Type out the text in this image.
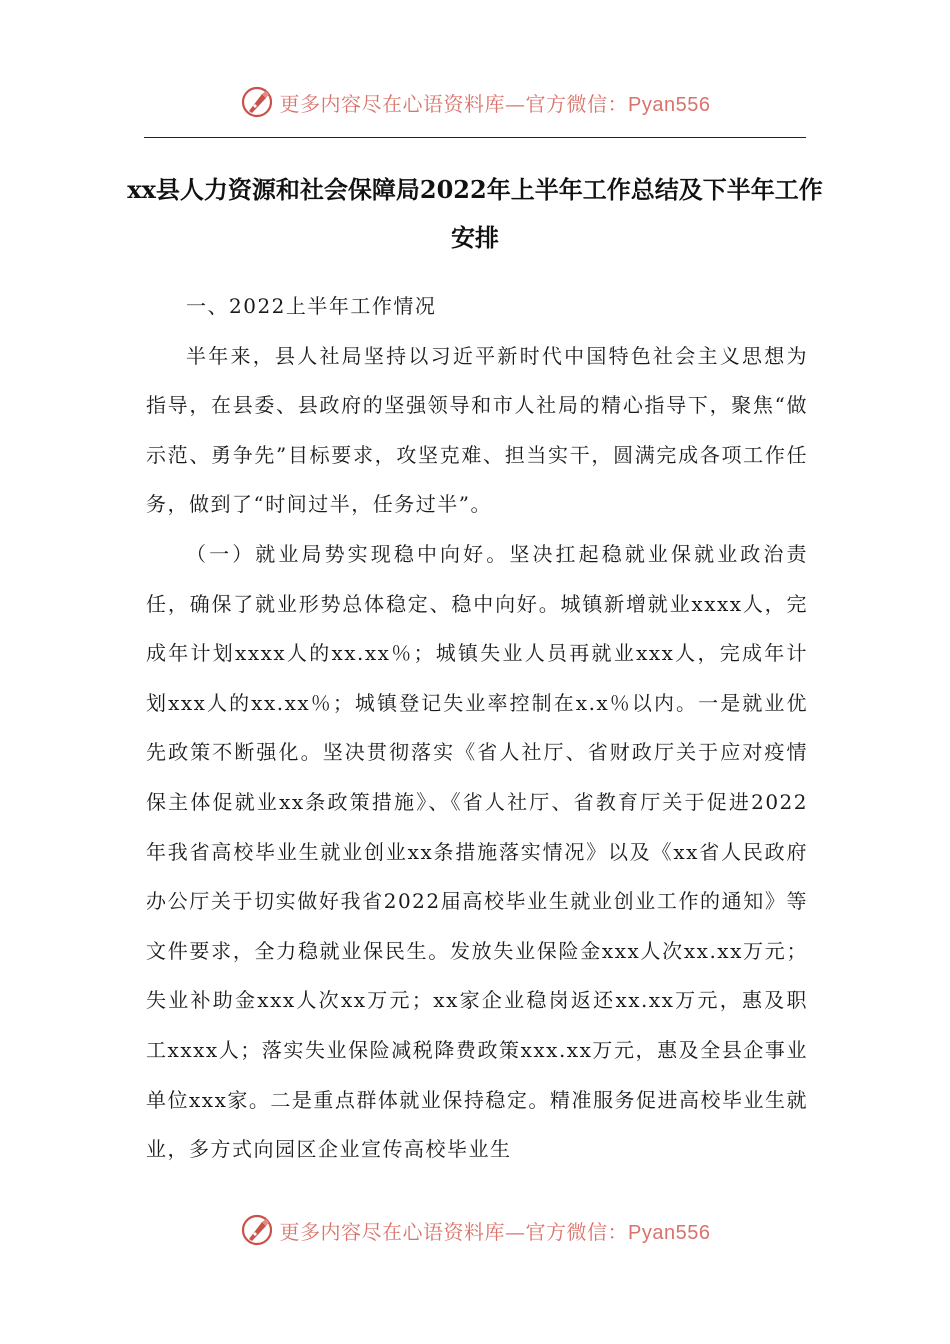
更多内容尽在心语资料库—官方微信：Pyan556
xx县人力资源和社会保障局2022年上半年工作总结及下半年工作安排

一、2022上半年工作情况

半年来，县人社局坚持以习近平新时代中国特色社会主义思想为指导，在县委、县政府的坚强领导和市人社局的精心指导下，聚焦“做示范、勇争先”目标要求，攻坚克难、担当实干，圆满完成各项工作任务，做到了“时间过半，任务过半”。

（一）就业局势实现稳中向好。坚决扛起稳就业保就业政治责任，确保了就业形势总体稳定、稳中向好。城镇新增就业xxxx人，完成年计划xxxx人的xx.xx％；城镇失业人员再就业xxx人，完成年计划xxx人的xx.xx％；城镇登记失业率控制在x.x％以内。一是就业优先政策不断强化。坚决贯彻落实《省人社厅、省财政厅关于应对疫情保主体促就业xx条政策措施》、《省人社厅、省教育厅关于促进2022年我省高校毕业生就业创业xx条措施落实情况》以及《xx省人民政府办公厅关于切实做好我省2022届高校毕业生就业创业工作的通知》等文件要求，全力稳就业保民生。发放失业保险金xxx人次xx.xx万元；失业补助金xxx人次xx万元；xx家企业稳岗返还xx.xx万元，惠及职工xxxx人；落实失业保险减税降费政策xxx.xx万元，惠及全县企事业单位xxx家。二是重点群体就业保持稳定。精准服务促进高校毕业生就业，多方式向园区企业宣传高校毕业生

更多内容尽在心语资料库—官方微信：Pyan556
